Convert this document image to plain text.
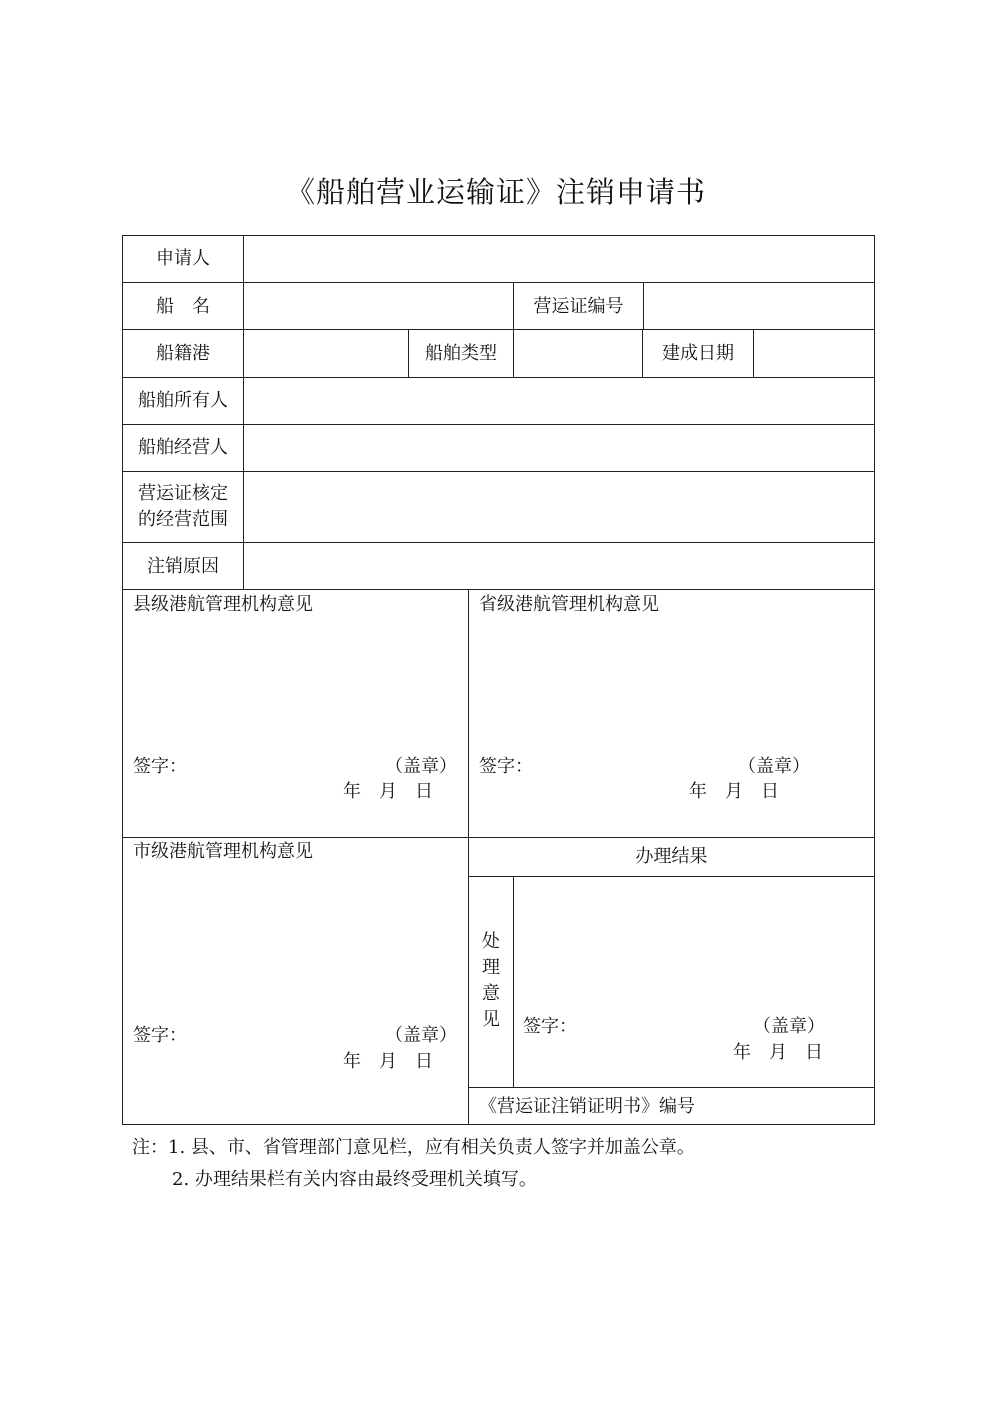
《船舶营业运输证》注销申请书
申请人
船　名	营运证编号
船籍港	船舶类型	建成日期
船舶所有人
船舶经营人
营运证核定
的经营范围
注销原因
县级港航管理机构意见
签字：	（盖章）
年　月　日
省级港航管理机构意见
签字：	（盖章）
年　月　日
市级港航管理机构意见
签字：	（盖章）
年　月　日
办理结果
处理意见 签字：	（盖章）
年　月　日
《营运证注销证明书》编号
注：1. 县、市、省管理部门意见栏，应有相关负责人签字并加盖公章。
2. 办理结果栏有关内容由最终受理机关填写。
